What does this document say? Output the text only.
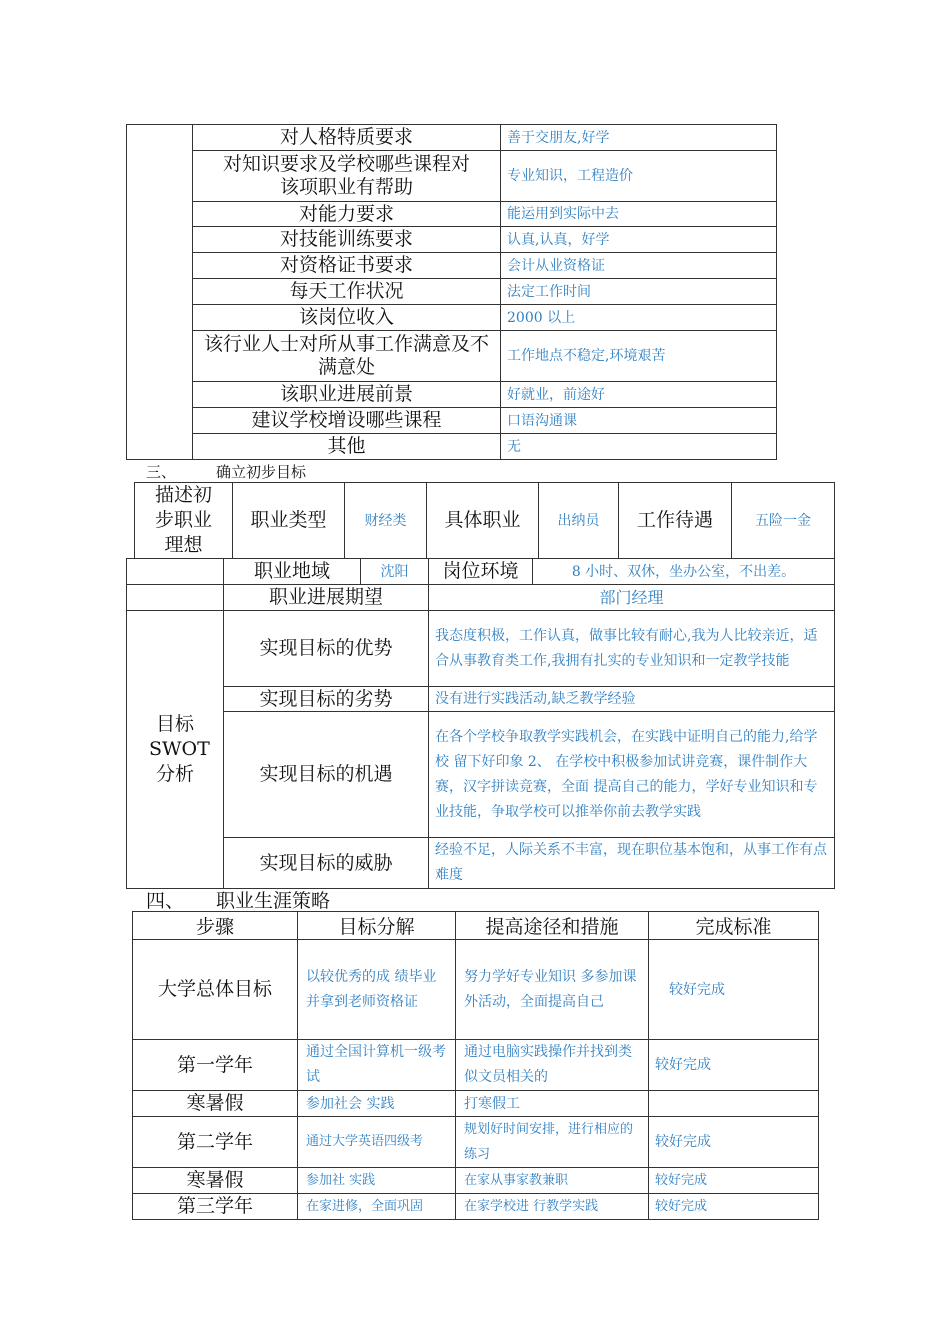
	对人格特质要求	善于交朋友,好学
	对知识要求及学校哪些课程对该项职业有帮助	专业知识，工程造价
	对能力要求	能运用到实际中去
	对技能训练要求	认真,认真，好学
	对资格证书要求	会计从业资格证
	每天工作状况	法定工作时间
	该岗位收入	2000 以上
	该行业人士对所从事工作满意及不满意处	工作地点不稳定,环境艰苦
	该职业进展前景	好就业，前途好
	建议学校增设哪些课程	口语沟通课
	其他	无
三、	确立初步目标
描述初步职业理想	职业类型	财经类	具体职业	出纳员	工作待遇	五险一金
	职业地域	沈阳	岗位环境	8 小时、双休，坐办公室，不出差。
	职业进展期望		部门经理	
目标SWOT分析	实现目标的优势		我态度积极，工作认真，做事比较有耐心,我为人比较亲近，适合从事教育类工作,我拥有扎实的专业知识和一定教学技能	
	实现目标的劣势		没有进行实践活动,缺乏教学经验	
	实现目标的机遇		在各个学校争取教学实践机会，在实践中证明自己的能力,给学校 留下好印象 2、 在学校中积极参加试讲竞赛，课件制作大赛，汉字拼读竞赛，全面 提高自己的能力，学好专业知识和专业技能，争取学校可以推举你前去教学实践	
	实现目标的威胁		经验不足，人际关系不丰富，现在职位基本饱和，从事工作有点难度	
四、 职业生涯策略
步骤	目标分解	提高途径和措施	完成标准
大学总体目标	以较优秀的成 绩毕业并拿到老师资格证	努力学好专业知识 多参加课外活动，全面提高自己	较好完成
第一学年	通过全国计算机一级考试	通过电脑实践操作并找到类似文员相关的	较好完成
寒暑假	参加社会 实践	打寒假工	
第二学年	通过大学英语四级考	规划好时间安排，进行相应的练习	较好完成
寒暑假	参加社 实践	在家从事家教兼职	较好完成
第三学年	在家进修，全面巩固	在家学校进 行教学实践	较好完成
